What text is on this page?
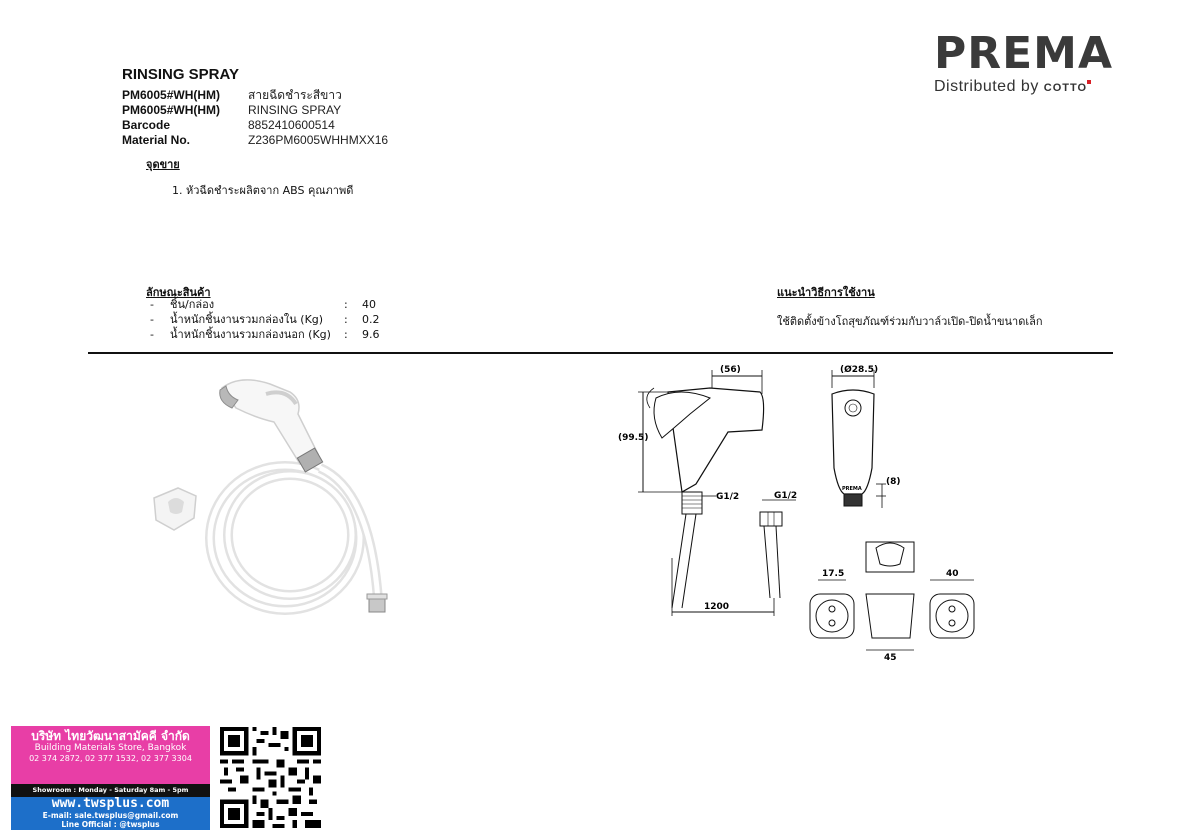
PREMA
Distributed by COTTO
RINSING SPRAY
PM6005#WH(HM)	สายฉีดชำระสีขาว
PM6005#WH(HM)	RINSING SPRAY
Barcode	8852410600514
Material No.	Z236PM6005WHHMXX16
จุดขาย
1. หัวฉีดชำระผลิตจาก ABS คุณภาพดี
ลักษณะสินค้า
-	ชิ้น/กล่อง	:	40
-	น้ำหนักชิ้นงานรวมกล่องใน (Kg)	:	0.2
-	น้ำหนักชิ้นงานรวมกล่องนอก (Kg)	:	9.6
แนะนำวิธีการใช้งาน
ใช้ติดตั้งข้างโถสุขภัณฑ์ร่วมกับวาล์วเปิด-ปิดน้ำขนาดเล็ก
(56)
(99.5)
G1/2
1200
G1/2
(Ø28.5)
PREMA
(8)
45
17.5	40
บริษัท ไทยวัฒนาสามัคคี จำกัด
Building Materials Store, Bangkok
02 374 2872, 02 377 1532, 02 377 3304
Showroom : Monday - Saturday 8am - 5pm
www.twsplus.com
E-mail: sale.twsplus@gmail.com
Line Official : @twsplus
